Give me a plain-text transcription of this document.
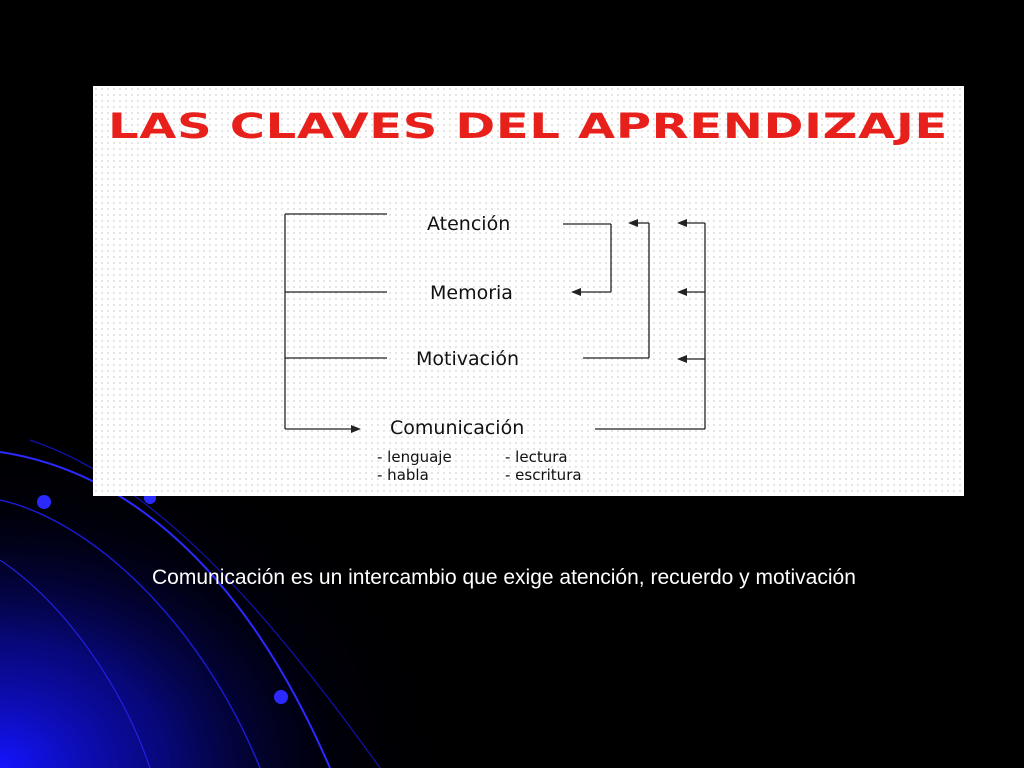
LAS CLAVES DEL APRENDIZAJE
Atención
Memoria
Motivación
Comunicación
- lenguaje	- lectura
- habla	- escritura

Comunicación es un intercambio que exige atención, recuerdo y motivación
